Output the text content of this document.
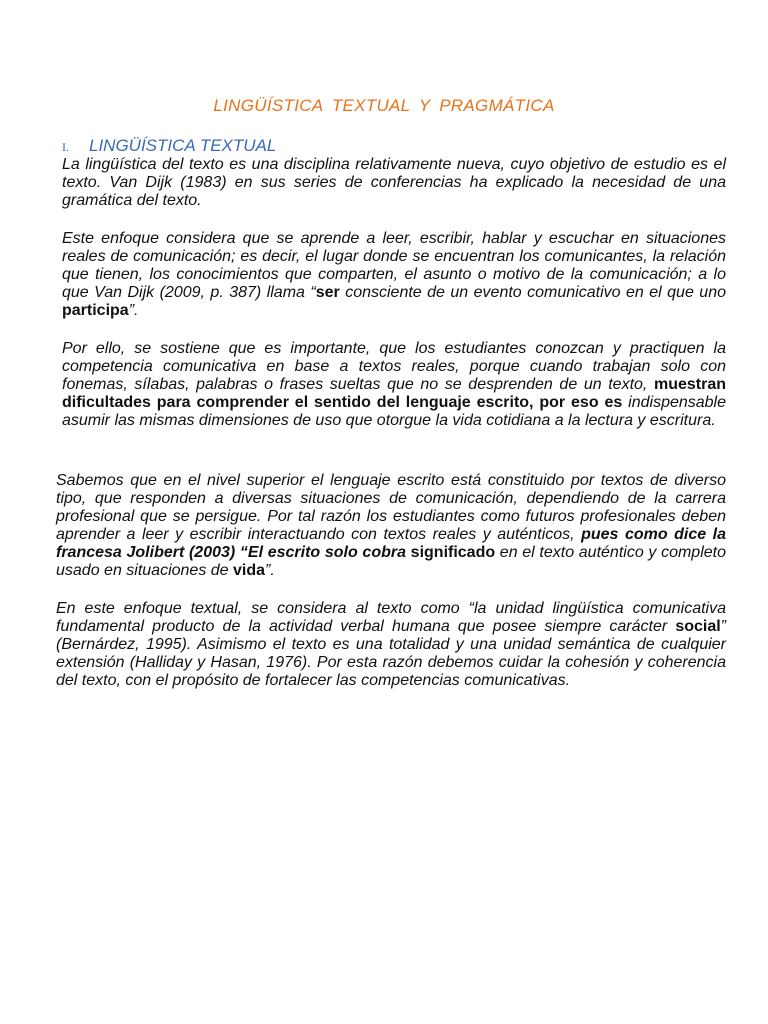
LINGÜÍSTICA TEXTUAL Y PRAGMÁTICA
I. LINGÜÍSTICA TEXTUAL

La lingüística del texto es una disciplina relativamente nueva, cuyo objetivo de estudio es el texto. Van Dijk (1983) en sus series de conferencias ha explicado la necesidad de una gramática del texto.

Este enfoque considera que se aprende a leer, escribir, hablar y escuchar en situaciones reales de comunicación; es decir, el lugar donde se encuentran los comunicantes, la relación que tienen, los conocimientos que comparten, el asunto o motivo de la comunicación; a lo que Van Dijk (2009, p. 387) llama “ser consciente de un evento comunicativo en el que uno participa”.

Por ello, se sostiene que es importante, que los estudiantes conozcan y practiquen la competencia comunicativa en base a textos reales, porque cuando trabajan solo con fonemas, sílabas, palabras o frases sueltas que no se desprenden de un texto, muestran dificultades para comprender el sentido del lenguaje escrito, por eso es indispensable asumir las mismas dimensiones de uso que otorgue la vida cotidiana a la lectura y escritura.

Sabemos que en el nivel superior el lenguaje escrito está constituido por textos de diverso tipo, que responden a diversas situaciones de comunicación, dependiendo de la carrera profesional que se persigue. Por tal razón los estudiantes como futuros profesionales deben aprender a leer y escribir interactuando con textos reales y auténticos, pues como dice la francesa Jolibert (2003) “El escrito solo cobra significado en el texto auténtico y completo usado en situaciones de vida”.

En este enfoque textual, se considera al texto como “la unidad lingüística comunicativa fundamental producto de la actividad verbal humana que posee siempre carácter social” (Bernárdez, 1995). Asimismo el texto es una totalidad y una unidad semántica de cualquier extensión (Halliday y Hasan, 1976). Por esta razón debemos cuidar la cohesión y coherencia del texto, con el propósito de fortalecer las competencias comunicativas.
